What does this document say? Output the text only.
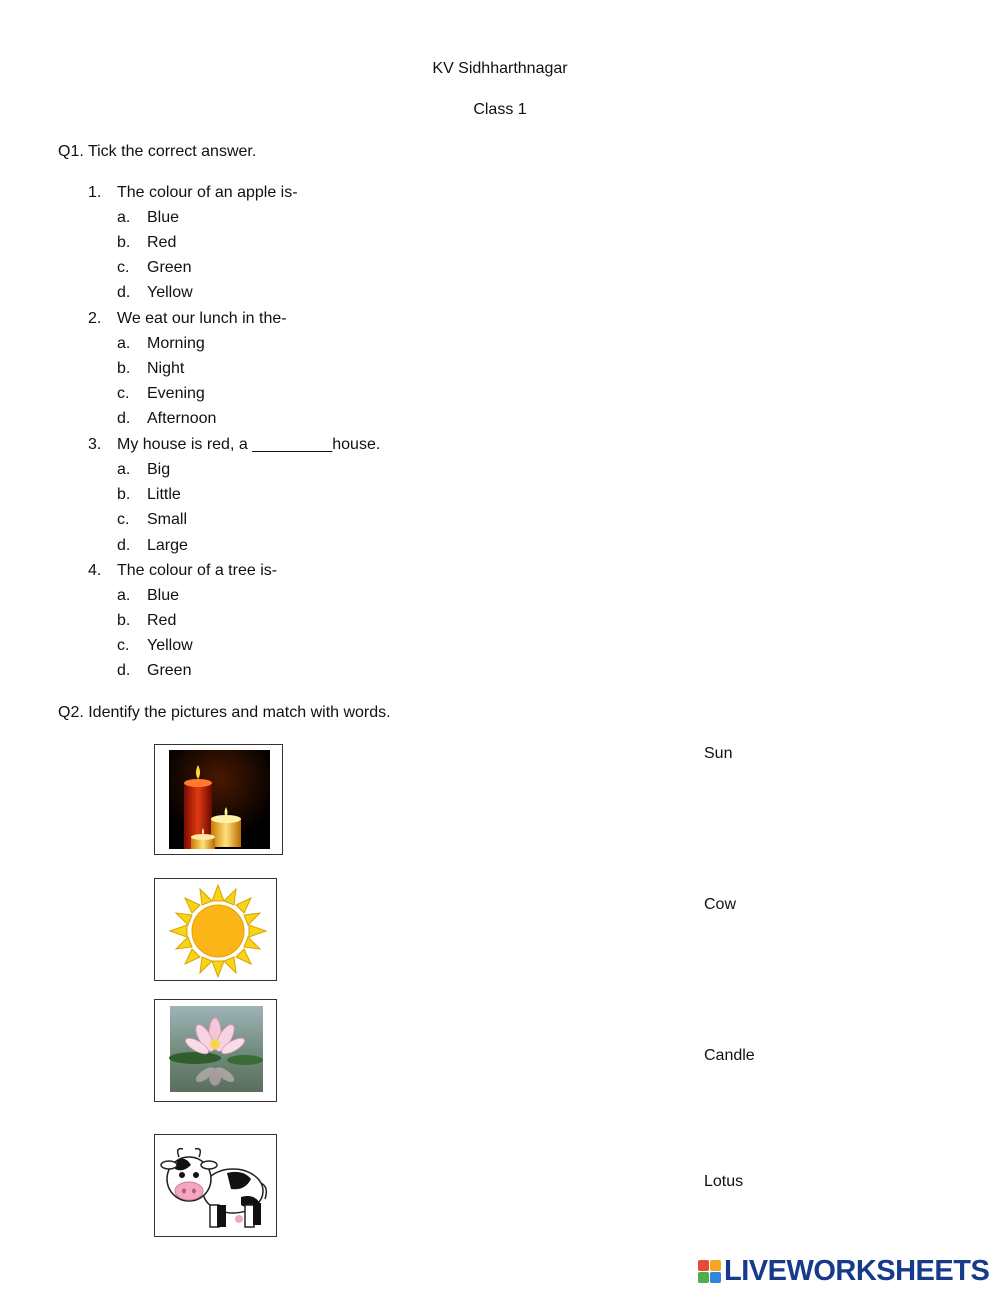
KV Sidhharthnagar
Class 1
Q1. Tick the correct answer.
1. The colour of an apple is-
a. Blue
b. Red
c. Green
d. Yellow
2. We eat our lunch in the-
a. Morning
b. Night
c. Evening
d. Afternoon
3. My house is red, a _________house.
a. Big
b. Little
c. Small
d. Large
4. The colour of a tree is-
a. Blue
b. Red
c. Yellow
d. Green
Q2. Identify the pictures and match with words.
Sun
Cow
Candle
Lotus
LIVEWORKSHEETS
